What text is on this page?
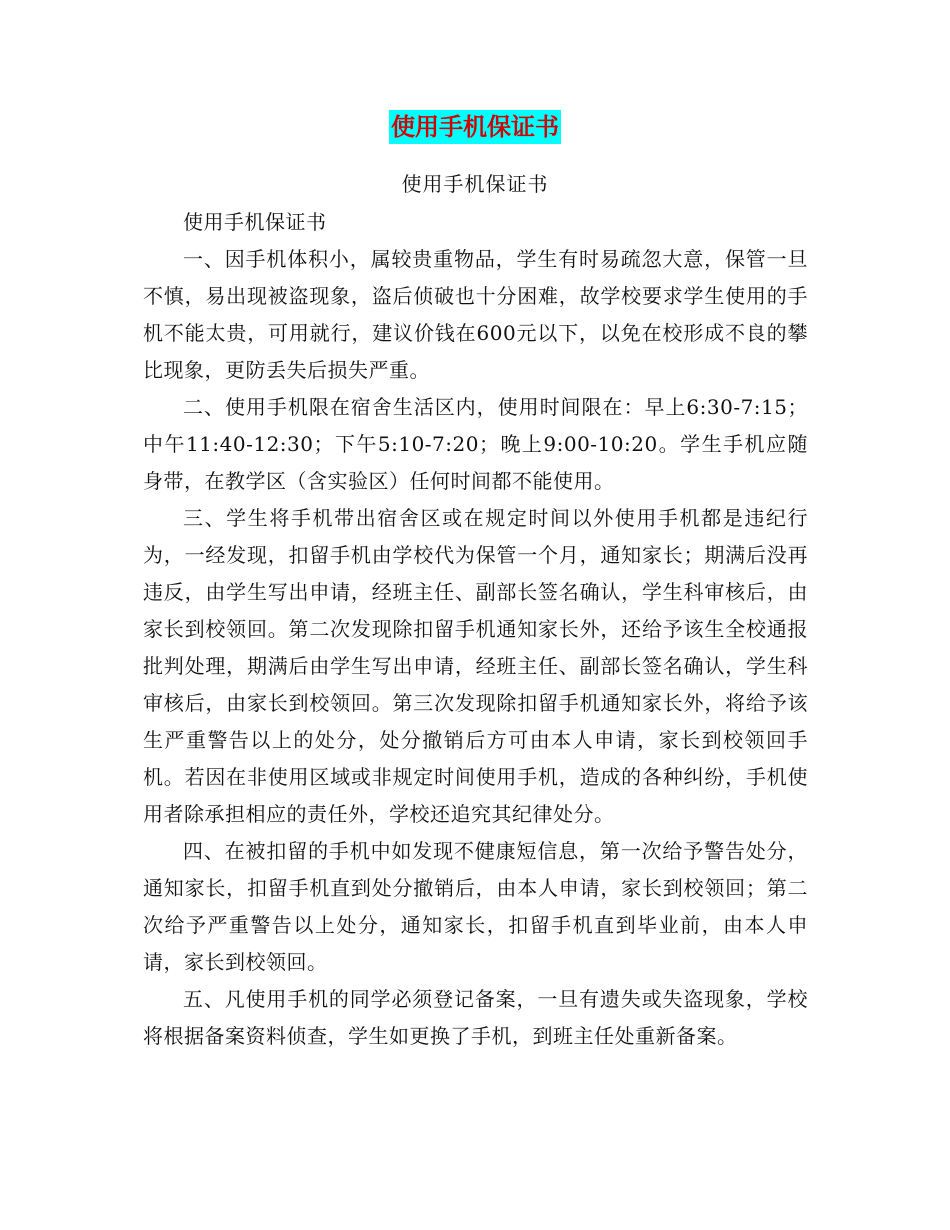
使用手机保证书
使用手机保证书

使用手机保证书

一、因手机体积小，属较贵重物品，学生有时易疏忽大意，保管一旦不慎，易出现被盗现象，盗后侦破也十分困难，故学校要求学生使用的手机不能太贵，可用就行，建议价钱在600元以下，以免在校形成不良的攀比现象，更防丢失后损失严重。

二、使用手机限在宿舍生活区内，使用时间限在：早上6:30-7:15；中午11:40-12:30；下午5:10-7:20；晚上9:00-10:20。学生手机应随身带，在教学区（含实验区）任何时间都不能使用。

三、学生将手机带出宿舍区或在规定时间以外使用手机都是违纪行为，一经发现，扣留手机由学校代为保管一个月，通知家长；期满后没再违反，由学生写出申请，经班主任、副部长签名确认，学生科审核后，由家长到校领回。第二次发现除扣留手机通知家长外，还给予该生全校通报批判处理，期满后由学生写出申请，经班主任、副部长签名确认，学生科审核后，由家长到校领回。第三次发现除扣留手机通知家长外，将给予该生严重警告以上的处分，处分撤销后方可由本人申请，家长到校领回手机。若因在非使用区域或非规定时间使用手机，造成的各种纠纷，手机使用者除承担相应的责任外，学校还追究其纪律处分。

四、在被扣留的手机中如发现不健康短信息，第一次给予警告处分，通知家长，扣留手机直到处分撤销后，由本人申请，家长到校领回；第二次给予严重警告以上处分，通知家长，扣留手机直到毕业前，由本人申请，家长到校领回。

五、凡使用手机的同学必须登记备案，一旦有遗失或失盗现象，学校将根据备案资料侦查，学生如更换了手机，到班主任处重新备案。
